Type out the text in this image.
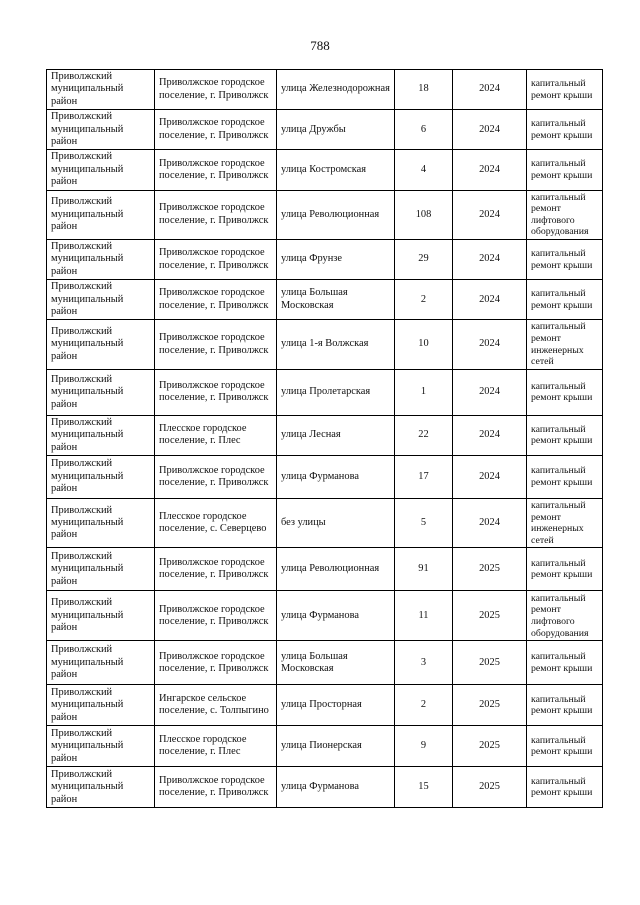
788
Приволжский муниципальный район	Приволжское городское поселение, г. Приволжск	улица Железнодорожная	18	2024	капитальный ремонт крыши
Приволжский муниципальный район	Приволжское городское поселение, г. Приволжск	улица Дружбы	6	2024	капитальный ремонт крыши
Приволжский муниципальный район	Приволжское городское поселение, г. Приволжск	улица Костромская	4	2024	капитальный ремонт крыши
Приволжский муниципальный район	Приволжское городское поселение, г. Приволжск	улица Революционная	108	2024	капитальный ремонт лифтового оборудования
Приволжский муниципальный район	Приволжское городское поселение, г. Приволжск	улица Фрунзе	29	2024	капитальный ремонт крыши
Приволжский муниципальный район	Приволжское городское поселение, г. Приволжск	улица Большая Московская	2	2024	капитальный ремонт крыши
Приволжский муниципальный район	Приволжское городское поселение, г. Приволжск	улица 1-я Волжская	10	2024	капитальный ремонт инженерных сетей
Приволжский муниципальный район	Приволжское городское поселение, г. Приволжск	улица Пролетарская	1	2024	капитальный ремонт крыши
Приволжский муниципальный район	Плесское городское поселение, г. Плес	улица Лесная	22	2024	капитальный ремонт крыши
Приволжский муниципальный район	Приволжское городское поселение, г. Приволжск	улица Фурманова	17	2024	капитальный ремонт крыши
Приволжский муниципальный район	Плесское городское поселение, с. Северцево	без улицы	5	2024	капитальный ремонт инженерных сетей
Приволжский муниципальный район	Приволжское городское поселение, г. Приволжск	улица Революционная	91	2025	капитальный ремонт крыши
Приволжский муниципальный район	Приволжское городское поселение, г. Приволжск	улица Фурманова	11	2025	капитальный ремонт лифтового оборудования
Приволжский муниципальный район	Приволжское городское поселение, г. Приволжск	улица Большая Московская	3	2025	капитальный ремонт крыши
Приволжский муниципальный район	Ингарское сельское поселение, с. Толпыгино	улица Просторная	2	2025	капитальный ремонт крыши
Приволжский муниципальный район	Плесское городское поселение, г. Плес	улица Пионерская	9	2025	капитальный ремонт крыши
Приволжский муниципальный район	Приволжское городское поселение, г. Приволжск	улица Фурманова	15	2025	капитальный ремонт крыши
